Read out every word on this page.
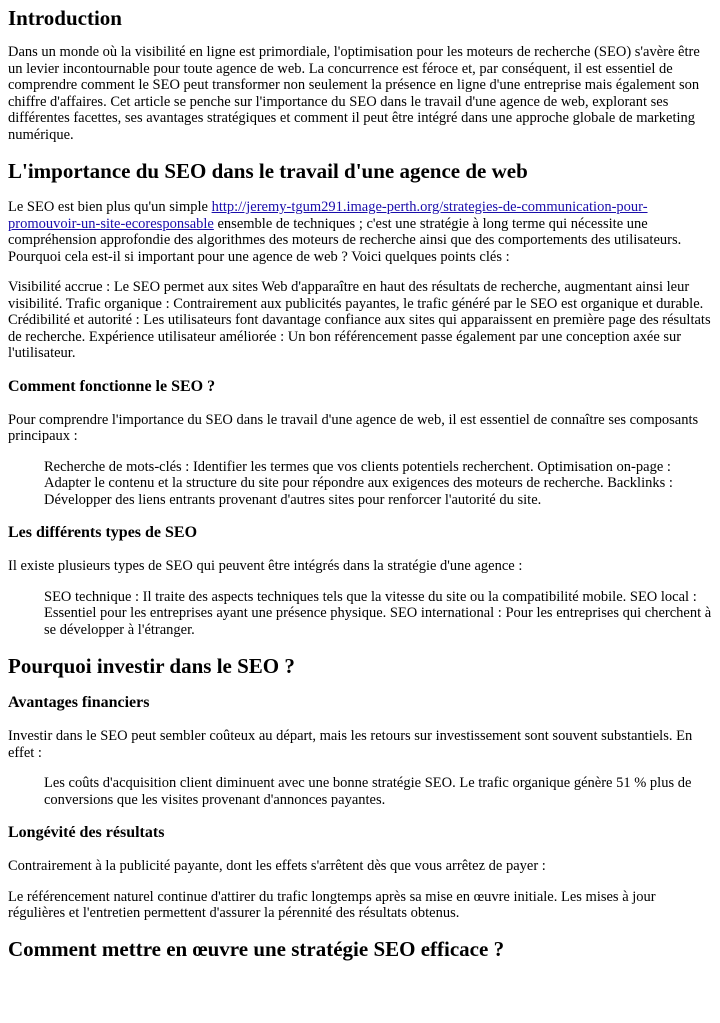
Introduction

Dans un monde où la visibilité en ligne est primordiale, l'optimisation pour les moteurs de recherche (SEO) s'avère être un levier incontournable pour toute agence de web. La concurrence est féroce et, par conséquent, il est essentiel de comprendre comment le SEO peut transformer non seulement la présence en ligne d'une entreprise mais également son chiffre d'affaires. Cet article se penche sur l'importance du SEO dans le travail d'une agence de web, explorant ses différentes facettes, ses avantages stratégiques et comment il peut être intégré dans une approche globale de marketing numérique.

L'importance du SEO dans le travail d'une agence de web

Le SEO est bien plus qu'un simple http://jeremy-tgum291.image-perth.org/strategies-de-communication-pour-promouvoir-un-site-ecoresponsable ensemble de techniques ; c'est une stratégie à long terme qui nécessite une compréhension approfondie des algorithmes des moteurs de recherche ainsi que des comportements des utilisateurs. Pourquoi cela est-il si important pour une agence de web ? Voici quelques points clés :

Visibilité accrue : Le SEO permet aux sites Web d'apparaître en haut des résultats de recherche, augmentant ainsi leur visibilité. Trafic organique : Contrairement aux publicités payantes, le trafic généré par le SEO est organique et durable. Crédibilité et autorité : Les utilisateurs font davantage confiance aux sites qui apparaissent en première page des résultats de recherche. Expérience utilisateur améliorée : Un bon référencement passe également par une conception axée sur l'utilisateur.

Comment fonctionne le SEO ?

Pour comprendre l'importance du SEO dans le travail d'une agence de web, il est essentiel de connaître ses composants principaux :

Recherche de mots-clés : Identifier les termes que vos clients potentiels recherchent. Optimisation on-page : Adapter le contenu et la structure du site pour répondre aux exigences des moteurs de recherche. Backlinks : Développer des liens entrants provenant d'autres sites pour renforcer l'autorité du site.
Les différents types de SEO

Il existe plusieurs types de SEO qui peuvent être intégrés dans la stratégie d'une agence :

SEO technique : Il traite des aspects techniques tels que la vitesse du site ou la compatibilité mobile. SEO local : Essentiel pour les entreprises ayant une présence physique. SEO international : Pour les entreprises qui cherchent à se développer à l'étranger.
Pourquoi investir dans le SEO ?
Avantages financiers

Investir dans le SEO peut sembler coûteux au départ, mais les retours sur investissement sont souvent substantiels. En effet :

Les coûts d'acquisition client diminuent avec une bonne stratégie SEO. Le trafic organique génère 51 % plus de conversions que les visites provenant d'annonces payantes.
Longévité des résultats

Contrairement à la publicité payante, dont les effets s'arrêtent dès que vous arrêtez de payer :

Le référencement naturel continue d'attirer du trafic longtemps après sa mise en œuvre initiale. Les mises à jour régulières et l'entretien permettent d'assurer la pérennité des résultats obtenus.

Comment mettre en œuvre une stratégie SEO efficace ?
